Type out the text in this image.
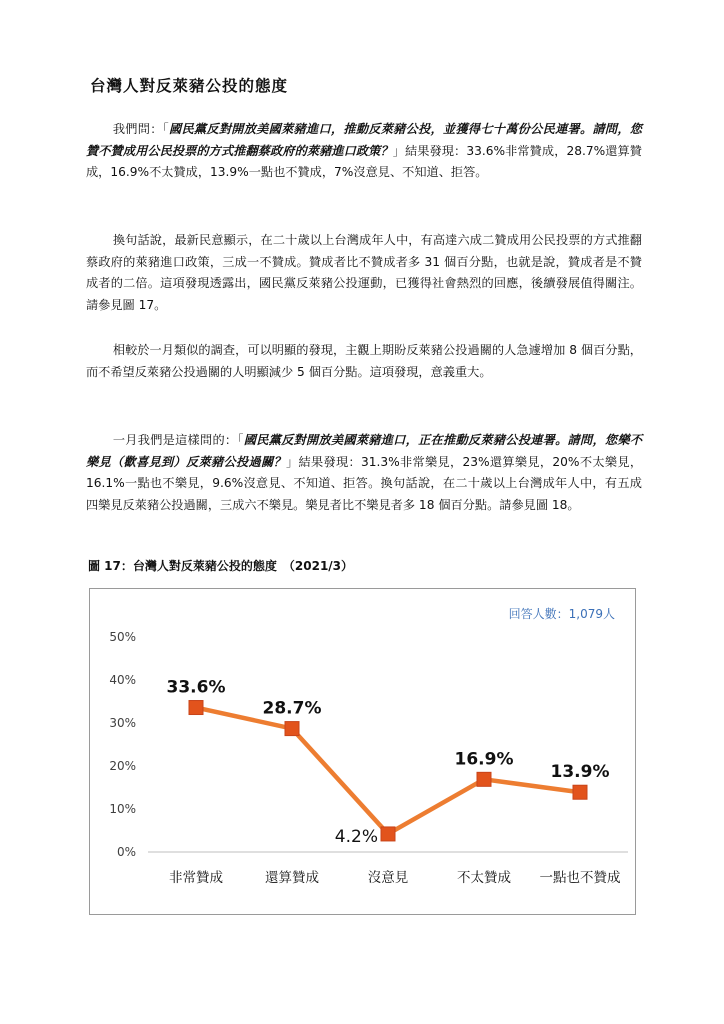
台灣人對反萊豬公投的態度

我們問：「國民黨反對開放美國萊豬進口，推動反萊豬公投，並獲得七十萬份公民連署。請問，您贊不贊成用公民投票的方式推翻蔡政府的萊豬進口政策？」結果發現：33.6%非常贊成，28.7%還算贊成，16.9%不太贊成，13.9%一點也不贊成，7%沒意見、不知道、拒答。

換句話說，最新民意顯示，在二十歲以上台灣成年人中，有高達六成二贊成用公民投票的方式推翻蔡政府的萊豬進口政策，三成一不贊成。贊成者比不贊成者多 31 個百分點，也就是說，贊成者是不贊成者的二倍。這項發現透露出，國民黨反萊豬公投運動，已獲得社會熱烈的回應，後續發展值得關注。請參見圖 17。

相較於一月類似的調查，可以明顯的發現，主觀上期盼反萊豬公投過關的人急遽增加 8 個百分點，而不希望反萊豬公投過關的人明顯減少 5 個百分點。這項發現，意義重大。

一月我們是這樣問的：「國民黨反對開放美國萊豬進口，正在推動反萊豬公投連署。請問，您樂不樂見（歡喜見到）反萊豬公投過關？」結果發現：31.3%非常樂見，23%還算樂見，20%不太樂見，16.1%一點也不樂見，9.6%沒意見、不知道、拒答。換句話說，在二十歲以上台灣成年人中，有五成四樂見反萊豬公投過關，三成六不樂見。樂見者比不樂見者多 18 個百分點。請參見圖 18。

圖 17：台灣人對反萊豬公投的態度 （2021/3）
回答人數：1,079人
0%
10%
20%
30%
40%
50%
非常贊成	還算贊成	沒意見	不太贊成 一點也不贊成
33.6%
28.7%
4.2%
16.9%
13.9%
